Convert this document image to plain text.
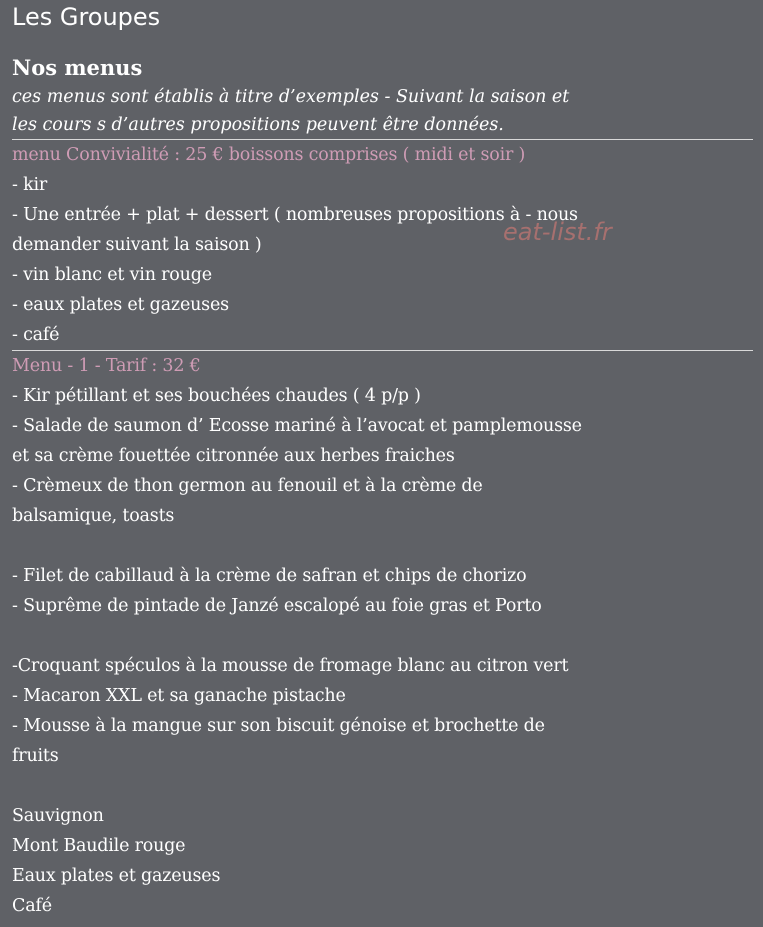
Les Groupes
Nos menus
ces menus sont établis à titre d’exemples - Suivant la saison et
les cours s d’autres propositions peuvent être données.
menu Convivialité : 25 € boissons comprises ( midi et soir )
- kir
- Une entrée + plat + dessert ( nombreuses propositions à - nous
demander suivant la saison )
- vin blanc et vin rouge
- eaux plates et gazeuses
- café
Menu - 1 - Tarif : 32 €
- Kir pétillant et ses bouchées chaudes ( 4 p/p )
- Salade de saumon d’ Ecosse mariné à l’avocat et pamplemousse
et sa crème fouettée citronnée aux herbes fraiches
- Crèmeux de thon germon au fenouil et à la crème de
balsamique, toasts
- Filet de cabillaud à la crème de safran et chips de chorizo
- Suprême de pintade de Janzé escalopé au foie gras et Porto
-Croquant spéculos à la mousse de fromage blanc au citron vert
- Macaron XXL et sa ganache pistache
- Mousse à la mangue sur son biscuit génoise et brochette de
fruits
Sauvignon
Mont Baudile rouge
Eaux plates et gazeuses
Café
eat-list.fr
